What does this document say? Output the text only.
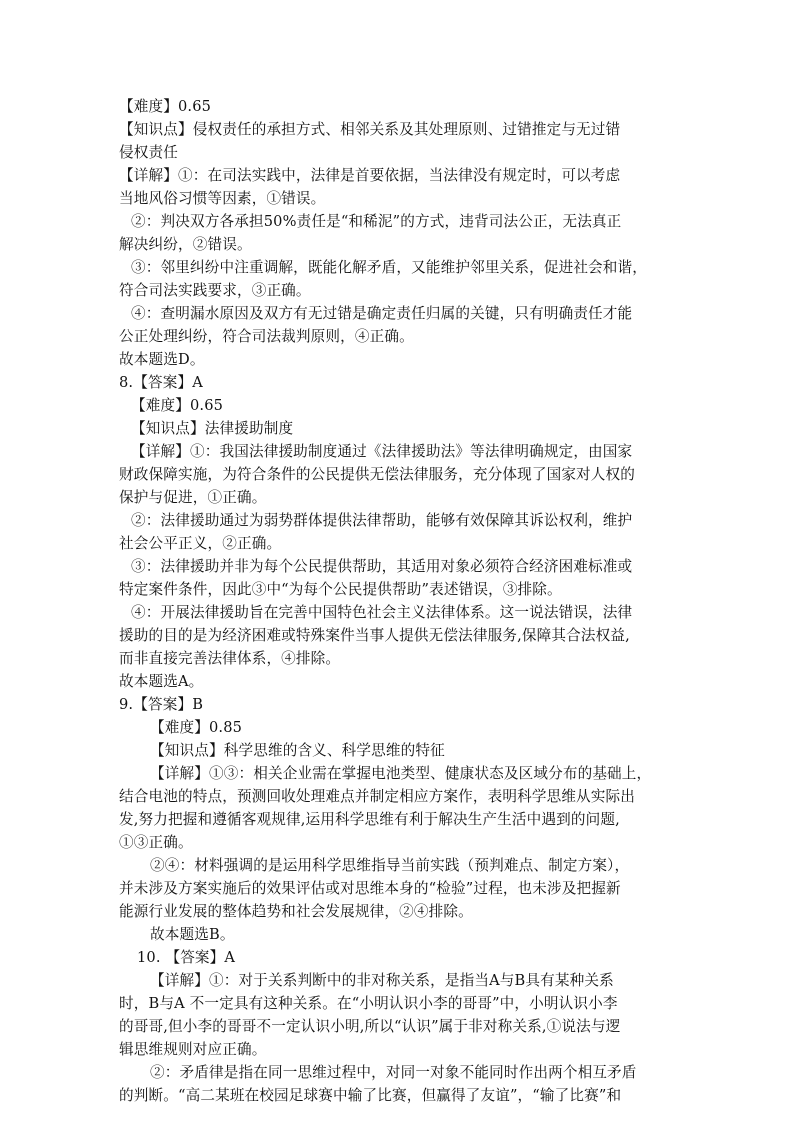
【难度】0.65
【知识点】侵权责任的承担方式、相邻关系及其处理原则、过错推定与无过错
侵权责任
【详解】①：在司法实践中，法律是首要依据，当法律没有规定时，可以考虑
当地风俗习惯等因素，①错误。
②：判决双方各承担50%责任是“和稀泥”的方式，违背司法公正，无法真正
解决纠纷，②错误。
③：邻里纠纷中注重调解，既能化解矛盾，又能维护邻里关系，促进社会和谐，
符合司法实践要求，③正确。
④：查明漏水原因及双方有无过错是确定责任归属的关键，只有明确责任才能
公正处理纠纷，符合司法裁判原则，④正确。
故本题选D。
8.【答案】A
【难度】0.65
【知识点】法律援助制度
【详解】①：我国法律援助制度通过《法律援助法》等法律明确规定，由国家
财政保障实施，为符合条件的公民提供无偿法律服务，充分体现了国家对人权的
保护与促进，①正确。
②：法律援助通过为弱势群体提供法律帮助，能够有效保障其诉讼权利，维护
社会公平正义，②正确。
③：法律援助并非为每个公民提供帮助，其适用对象必须符合经济困难标准或
特定案件条件，因此③中“为每个公民提供帮助”表述错误，③排除。
④：开展法律援助旨在完善中国特色社会主义法律体系。这一说法错误，法律
援助的目的是为经济困难或特殊案件当事人提供无偿法律服务,保障其合法权益,
而非直接完善法律体系，④排除。
故本题选A。
9.【答案】B
【难度】0.85
【知识点】科学思维的含义、科学思维的特征
【详解】①③：相关企业需在掌握电池类型、健康状态及区域分布的基础上，
结合电池的特点，预测回收处理难点并制定相应方案作，表明科学思维从实际出
发,努力把握和遵循客观规律,运用科学思维有利于解决生产生活中遇到的问题,
①③正确。
②④：材料强调的是运用科学思维指导当前实践（预判难点、制定方案），
并未涉及方案实施后的效果评估或对思维本身的“检验”过程，也未涉及把握新
能源行业发展的整体趋势和社会发展规律，②④排除。
故本题选B。
10. 【答案】A
【详解】①：对于关系判断中的非对称关系，是指当A与B具有某种关系
时，B与A 不一定具有这种关系。在“小明认识小李的哥哥”中，小明认识小李
的哥哥,但小李的哥哥不一定认识小明,所以“认识”属于非对称关系,①说法与逻
辑思维规则对应正确。
②：矛盾律是指在同一思维过程中，对同一对象不能同时作出两个相互矛盾
的判断。“高二某班在校园足球赛中输了比赛，但赢得了友谊”，“输了比赛”和
